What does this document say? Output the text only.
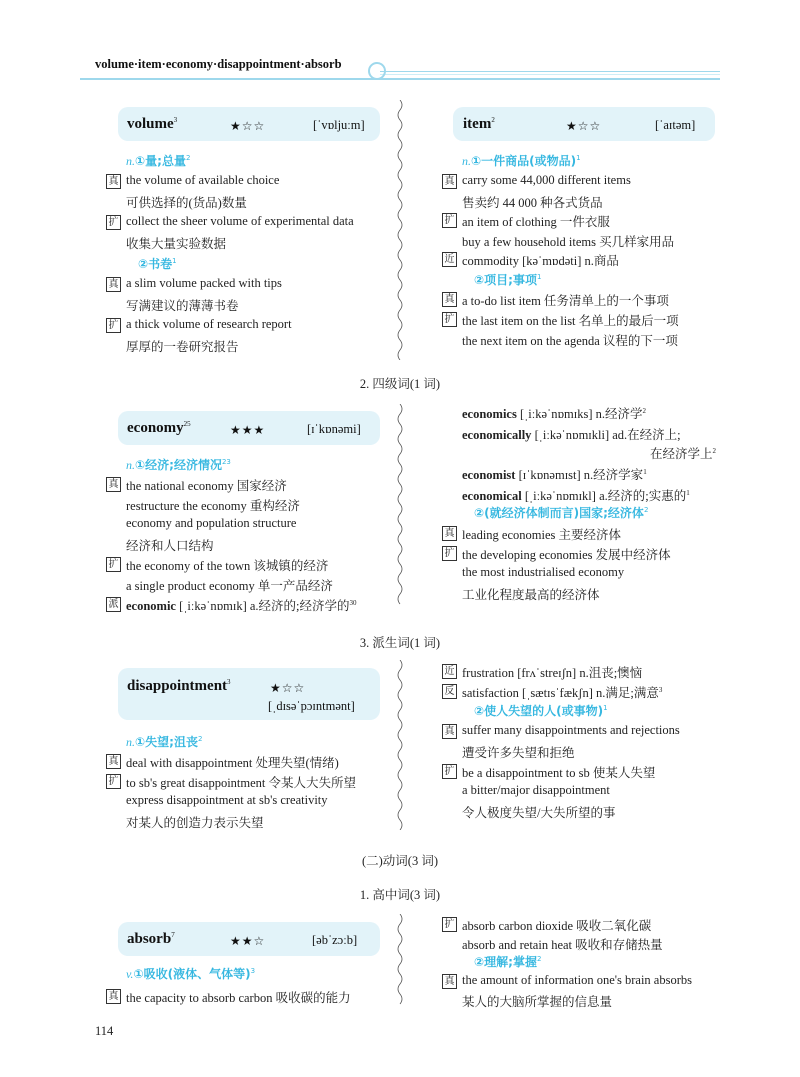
volume·item·economy·disappointment·absorb
volume$^3$	★☆☆	[ˈvɒljuːm]
n.①量;总量$^2$
真 the volume of available choice
可供选择的(货品)数量
扩 collect the sheer volume of experimental data
收集大量实验数据
②书卷$^1$
真 a slim volume packed with tips
写满建议的薄薄书卷
扩 a thick volume of research report
厚厚的一卷研究报告
item$^2$	★☆☆	[ˈaɪtəm]
n.①一件商品(或物品)$^1$
真 carry some 44,000 different items
售卖约 44 000 种各式货品
扩 an item of clothing 一件衣服
buy a few household items 买几样家用品
近 commodity [kəˈmɒdəti] n.商品
②项目;事项$^1$
真 a to-do list item 任务清单上的一个事项
扩 the last item on the list 名单上的最后一项
the next item on the agenda 议程的下一项
2. 四级词(1 词)
economy$^{25}$	★★★	[ɪˈkɒnəmi]
n.①经济;经济情况$^{23}$
真 the national economy 国家经济
restructure the economy 重构经济
economy and population structure
经济和人口结构
扩 the economy of the town 该城镇的经济
a single product economy 单一产品经济
派 economic [ˌiːkəˈnɒmɪk] a.经济的;经济学的$^{30}$
economics [ˌiːkəˈnɒmɪks] n.经济学$^2$
economically [ˌiːkəˈnɒmɪkli] ad.在经济上;
在经济学上$^2$
economist [ɪˈkɒnəmɪst] n.经济学家$^1$
economical [ˌiːkəˈnɒmɪkl] a.经济的;实惠的$^1$
②(就经济体制而言)国家;经济体$^2$
真 leading economies 主要经济体
扩 the developing economies 发展中经济体
the most industrialised economy
工业化程度最高的经济体
3. 派生词(1 词)
disappointment$^3$	★☆☆
[ˌdɪsəˈpɔɪntmənt]
n.①失望;沮丧$^2$
真 deal with disappointment 处理失望(情绪)
扩 to sb's great disappointment 令某人大失所望
express disappointment at sb's creativity
对某人的创造力表示失望
近 frustration [frʌˈstreɪʃn] n.沮丧;懊恼
反 satisfaction [ˌsætɪsˈfækʃn] n.满足;满意$^3$
②使人失望的人(或事物)$^1$
真 suffer many disappointments and rejections
遭受许多失望和拒绝
扩 be a disappointment to sb 使某人失望
a bitter/major disappointment
令人极度失望/大失所望的事
(二)动词(3 词)
1. 高中词(3 词)
absorb$^7$	★★☆	[əbˈzɔːb]
v.①吸收(液体、气体等)$^3$
真 the capacity to absorb carbon 吸收碳的能力
扩 absorb carbon dioxide 吸收二氧化碳
absorb and retain heat 吸收和存储热量
②理解;掌握$^2$
真 the amount of information one's brain absorbs
某人的大脑所掌握的信息量
114
